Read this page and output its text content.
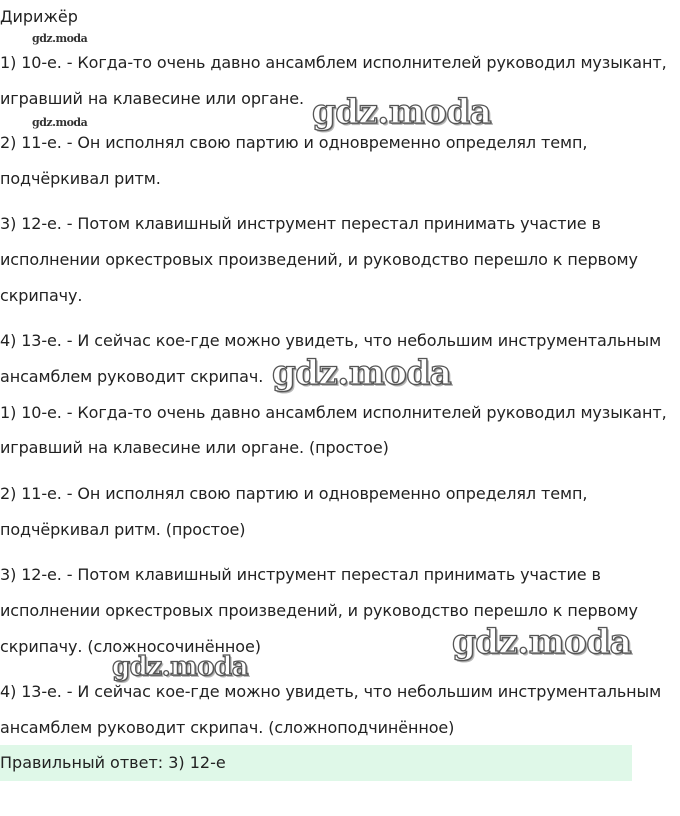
Дирижёр
1) 10-е. - Когда-то очень давно ансамблем исполнителей руководил музыкант,
игравший на клавесине или органе.
2) 11-е. - Он исполнял свою партию и одновременно определял темп,
подчёркивал ритм.
3) 12-е. - Потом клавишный инструмент перестал принимать участие в
исполнении оркестровых произведений, и руководство перешло к первому
скрипачу.
4) 13-е. - И сейчас кое-где можно увидеть, что небольшим инструментальным
ансамблем руководит скрипач.
1) 10-е. - Когда-то очень давно ансамблем исполнителей руководил музыкант,
игравший на клавесине или органе. (простое)
2) 11-е. - Он исполнял свою партию и одновременно определял темп,
подчёркивал ритм. (простое)
3) 12-е. - Потом клавишный инструмент перестал принимать участие в
исполнении оркестровых произведений, и руководство перешло к первому
скрипачу. (сложносочинённое)
4) 13-е. - И сейчас кое-где можно увидеть, что небольшим инструментальным
ансамблем руководит скрипач. (сложноподчинённое)
Правильный ответ: 3) 12-е
gdz.moda
gdz.moda	gdz.moda
gdz.moda
gdz.moda
gdz.moda
